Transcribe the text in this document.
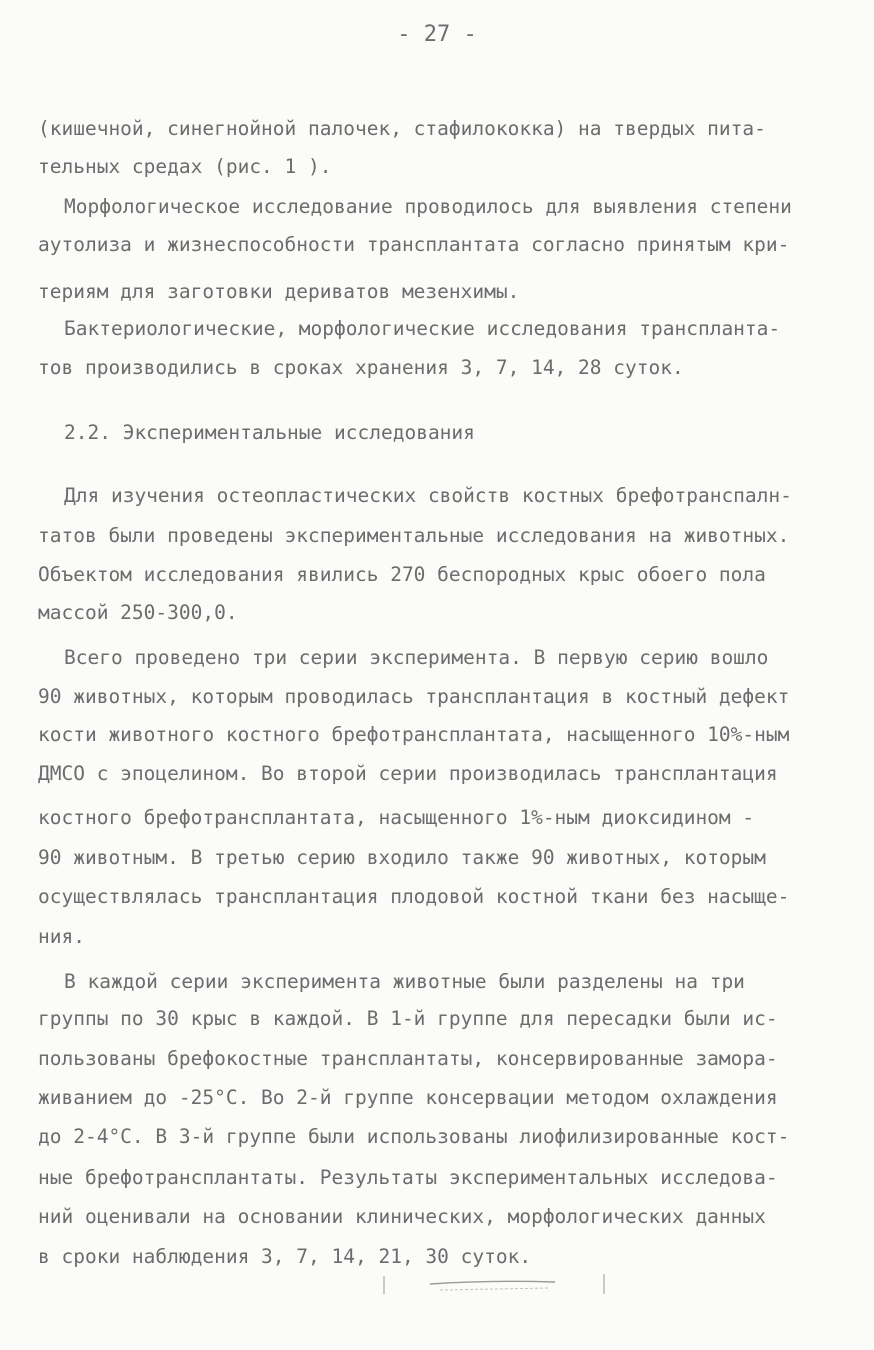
- 27 -
(кишечной, синегнойной палочек, стафилококка) на твердых пита-
тельных средах (рис. 1 ).
Морфологическое исследование проводилось для выявления степени
аутолиза и жизнеспособности трансплантата согласно принятым кри-
териям для заготовки дериватов мезенхимы.
Бактериологические, морфологические исследования трансплантa-
тов производились в сроках хранения 3, 7, 14, 28 суток.
2.2. Экспериментальные исследования
Для изучения остеопластических свойств костных брефотранспалн-
татов были проведены экспериментальные исследования на животных.
Объектом исследования явились 270 беспородных крыс обоего пола
массой 250-300,0.
Всего проведено три серии эксперимента. В первую серию вошло
90 животных, которым проводилась трансплантация в костный дефект
кости животного костного брефотрансплантата, насыщенного 10%-ным
ДМСО с эпоцелином. Во второй серии производилась трансплантация
костного брефотрансплантата, насыщенного 1%-ным диоксидином -
90 животным. В третью серию входило также 90 животных, которым
осуществлялась трансплантация плодовой костной ткани без насыще-
ния.
В каждой серии эксперимента животные были разделены на три
группы по 30 крыс в каждой. В 1-й группе для пересадки были ис-
пользованы брефокостные трансплантаты, консервированные замора-
живанием до -25°С. Во 2-й группе консервации методом охлаждения
до 2-4°С. В 3-й группе были использованы лиофилизированные кост-
ные брефотрансплантаты. Результаты экспериментальных исследова-
ний оценивали на основании клинических, морфологических данных
в сроки наблюдения 3, 7, 14, 21, 30 суток.
